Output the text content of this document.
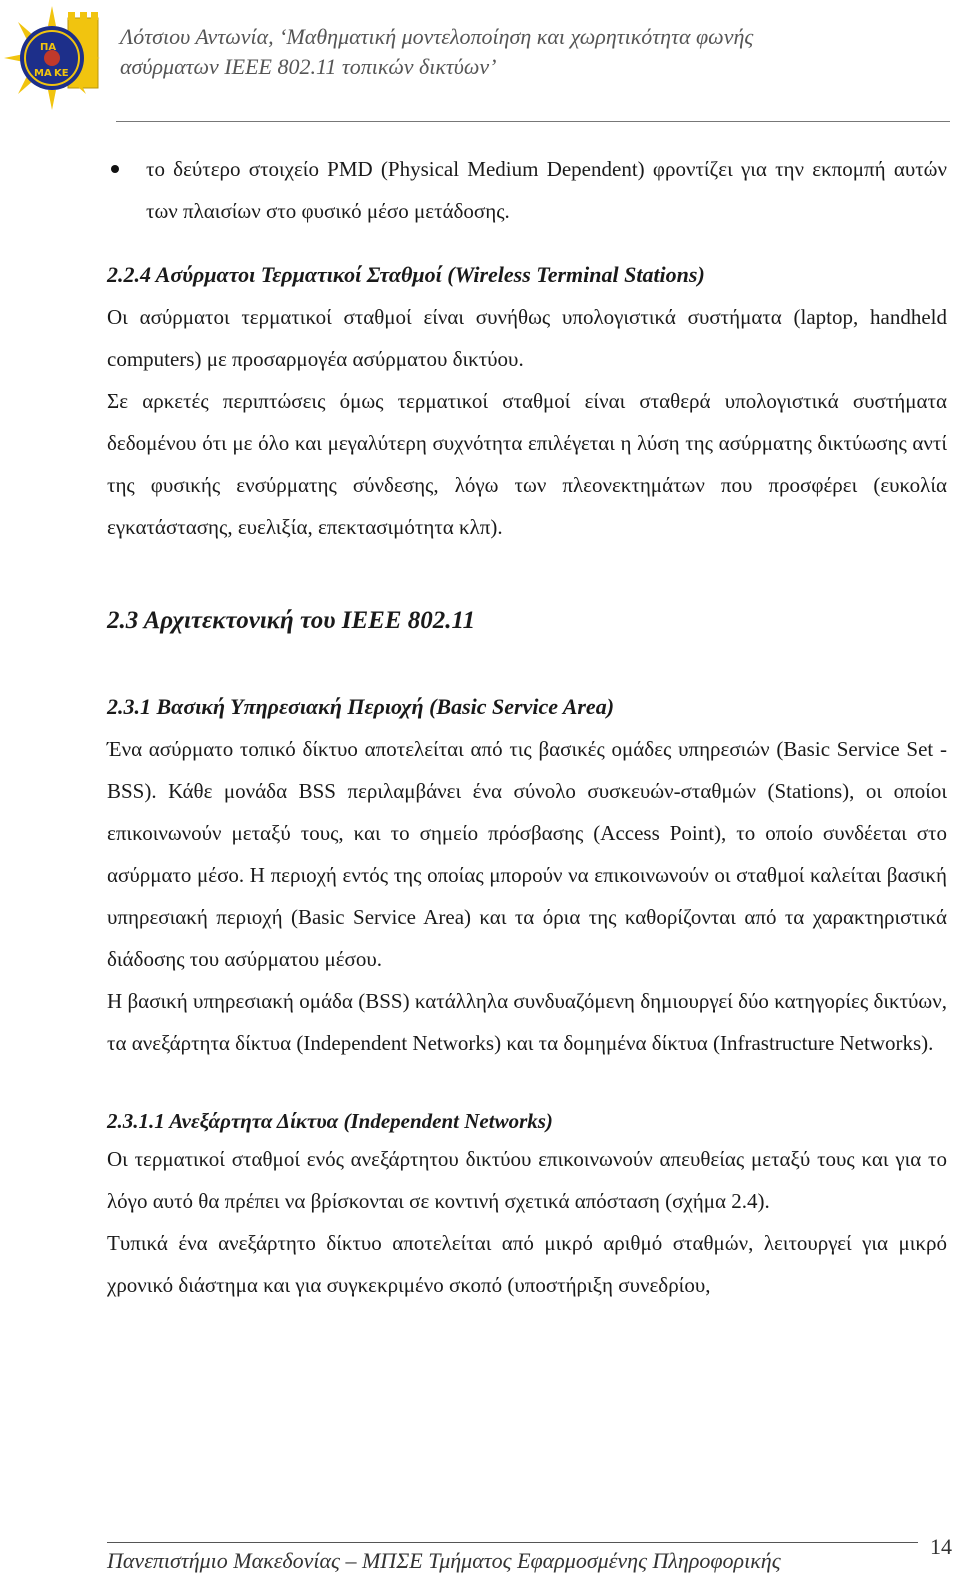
ΠΑ
ΜΑ ΚΕ
Λότσιου Αντωνία, ‘Μαθηματική μοντελοποίηση και χωρητικότητα φωνής
ασύρματων IEEE 802.11 τοπικών δικτύων’
το δεύτερο στοιχείο PMD (Physical Medium Dependent) φροντίζει για την εκπομπή αυτών των πλαισίων στο φυσικό μέσο μετάδοσης.
2.2.4 Ασύρματοι Τερματικοί Σταθμοί (Wireless Terminal Stations)

Οι ασύρματοι τερματικοί σταθμοί είναι συνήθως υπολογιστικά συστήματα (laptop, handheld computers) με προσαρμογέα ασύρματου δικτύου.

Σε αρκετές περιπτώσεις όμως τερματικοί σταθμοί είναι σταθερά υπολογιστικά συστήματα δεδομένου ότι με όλο και μεγαλύτερη συχνότητα επιλέγεται η λύση της ασύρματης δικτύωσης αντί της φυσικής ενσύρματης σύνδεσης, λόγω των πλεονεκτημάτων που προσφέρει (ευκολία εγκατάστασης, ευελιξία, επεκτασιμότητα κλπ).

2.3 Αρχιτεκτονική του IEEE 802.11
2.3.1 Βασική Υπηρεσιακή Περιοχή (Basic Service Area)

Ένα ασύρματο τοπικό δίκτυο αποτελείται από τις βασικές ομάδες υπηρεσιών (Basic Service Set - BSS). Κάθε μονάδα BSS περιλαμβάνει ένα σύνολο συσκευών-σταθμών (Stations), οι οποίοι επικοινωνούν μεταξύ τους, και το σημείο πρόσβασης (Access Point), το οποίο συνδέεται στο ασύρματο μέσο. Η περιοχή εντός της οποίας μπορούν να επικοινωνούν οι σταθμοί καλείται βασική υπηρεσιακή περιοχή (Basic Service Area) και τα όρια της καθορίζονται από τα χαρακτηριστικά διάδοσης του ασύρματου μέσου.

Η βασική υπηρεσιακή ομάδα (BSS) κατάλληλα συνδυαζόμενη δημιουργεί δύο κατηγορίες δικτύων, τα ανεξάρτητα δίκτυα (Independent Networks) και τα δομημένα δίκτυα (Infrastructure Networks).

2.3.1.1 Ανεξάρτητα Δίκτυα (Independent Networks)

Οι τερματικοί σταθμοί ενός ανεξάρτητου δικτύου επικοινωνούν απευθείας μεταξύ τους και για το λόγο αυτό θα πρέπει να βρίσκονται σε κοντινή σχετικά απόσταση (σχήμα 2.4).

Τυπικά ένα ανεξάρτητο δίκτυο αποτελείται από μικρό αριθμό σταθμών, λειτουργεί για μικρό χρονικό διάστημα και για συγκεκριμένο σκοπό (υποστήριξη συνεδρίου,

Πανεπιστήμιο Μακεδονίας – ΜΠΣΕ Τμήματος Εφαρμοσμένης Πληροφορικής
14
